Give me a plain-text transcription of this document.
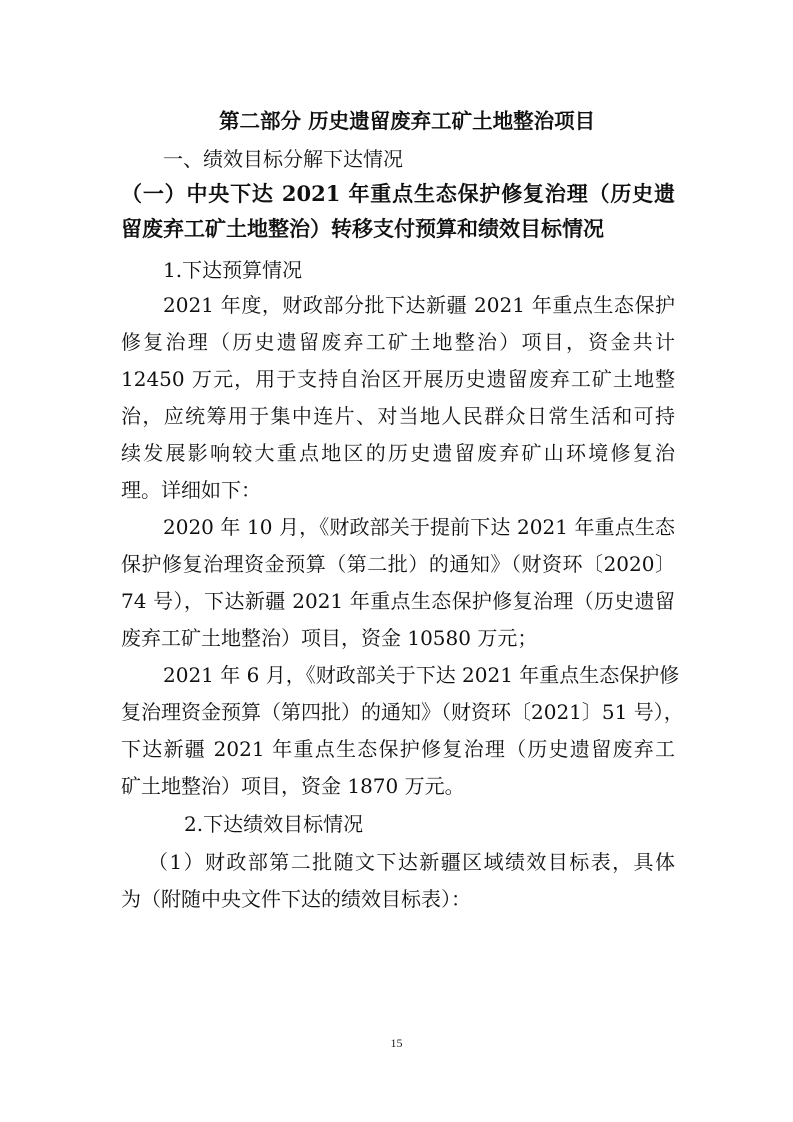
第二部分 历史遗留废弃工矿土地整治项目
一、绩效目标分解下达情况
（一）中央下达 2021 年重点生态保护修复治理（历史遗
留废弃工矿土地整治）转移支付预算和绩效目标情况
1.下达预算情况
2021 年度，财政部分批下达新疆 2021 年重点生态保护
修复治理（历史遗留废弃工矿土地整治）项目，资金共计
12450 万元，用于支持自治区开展历史遗留废弃工矿土地整
治，应统筹用于集中连片、对当地人民群众日常生活和可持
续发展影响较大重点地区的历史遗留废弃矿山环境修复治
理。详细如下：
2020 年 10 月，《财政部关于提前下达 2021 年重点生态
保护修复治理资金预算（第二批）的通知》（财资环〔2020〕
74 号），下达新疆 2021 年重点生态保护修复治理（历史遗留
废弃工矿土地整治）项目，资金 10580 万元；
2021 年 6 月，《财政部关于下达 2021 年重点生态保护修
复治理资金预算（第四批）的通知》（财资环〔2021〕51 号），
下达新疆 2021 年重点生态保护修复治理（历史遗留废弃工
矿土地整治）项目，资金 1870 万元。
2.下达绩效目标情况
（1）财政部第二批随文下达新疆区域绩效目标表，具体
为（附随中央文件下达的绩效目标表）：
15
